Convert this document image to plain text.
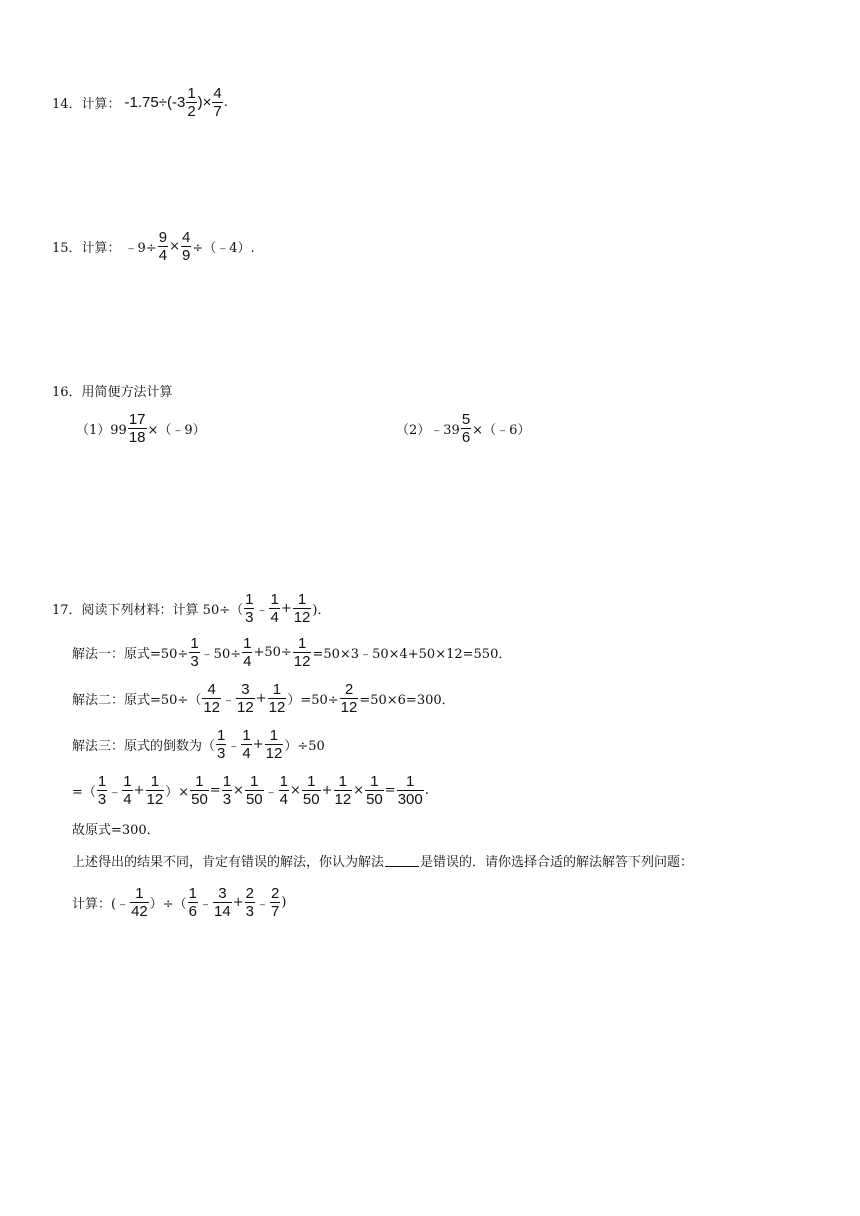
14．计算： $-1.75\div(-3 \frac{1}{2}$ )× $\frac{4}{7}$ .
15．计算： ﹣9÷ $\frac{9}{4} \times \frac{4}{9}$ ÷（﹣4）.
16．用简便方法计算
$(1)99 \frac{17}{18}$ ×（﹣9）	（2）﹣39 $\frac{5}{6}$ ×（﹣6）
17．阅读下列材料：计算 $50\div( \frac{1}{3}$ ﹣ $\frac{1}{4} + \frac{1}{12}$ )．
解法一：原式$=50\div \frac{1}{3}$ ﹣50÷ $\frac{1}{4} +50\div \frac{1}{12}$ =50×3﹣50×4+50×12=550．
解法二：原式$=50\div( \frac{4}{12}$ ﹣ $\frac{3}{12} + \frac{1}{12} )=50\div \frac{2}{12} =50\times 6=300$．
解法三：原式的倒数为（ $\frac{1}{3}$ ﹣ $\frac{1}{4} + \frac{1}{12} )\div 50$
=（ $\frac{1}{3}$ ﹣ $\frac{1}{4} + \frac{1}{12}$ ）× $\frac{1}{50} = \frac{1}{3} \times \frac{1}{50}$ ﹣ $\frac{1}{4} \times \frac{1}{50} + \frac{1}{12} \times \frac{1}{50} = \frac{1}{300}$ .
故原式=300．
上述得出的结果不同，肯定有错误的解法，你认为解法	是错误的．请你选择合适的解法解答下列问题：
计算：(﹣ $\frac{1}{42}$ ）÷（ $\frac{1}{6}$ ﹣ $\frac{3}{14} + \frac{2}{3}$ ﹣ $\frac{2}{7}$ )
